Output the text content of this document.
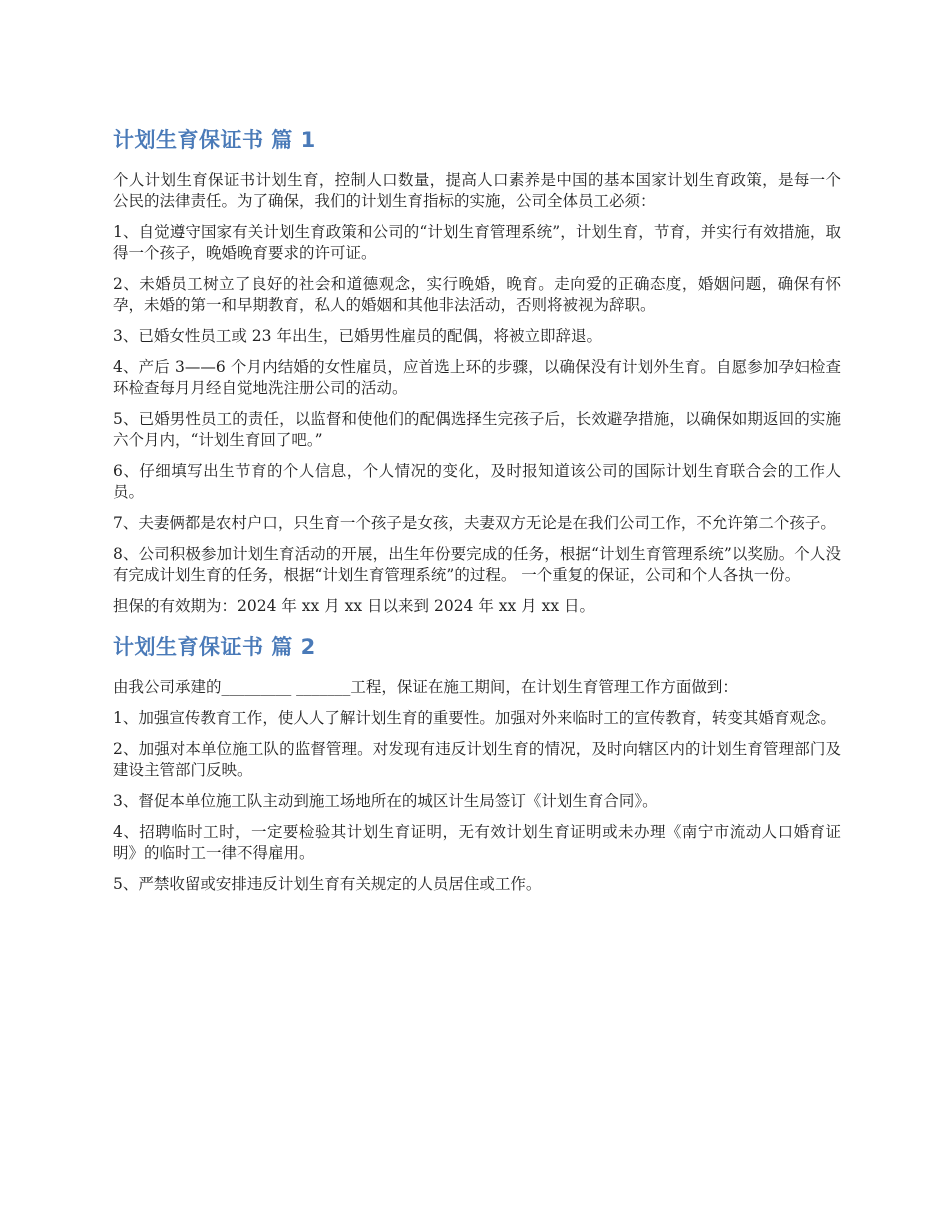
计划生育保证书 篇 1

个人计划生育保证书计划生育，控制人口数量，提高人口素养是中国的基本国家计划生育政策，是每一个公民的法律责任。为了确保，我们的计划生育指标的实施，公司全体员工必须：

1、自觉遵守国家有关计划生育政策和公司的“计划生育管理系统”，计划生育，节育，并实行有效措施，取得一个孩子，晚婚晚育要求的许可证。

2、未婚员工树立了良好的社会和道德观念，实行晚婚，晚育。走向爱的正确态度，婚姻问题，确保有怀孕，未婚的第一和早期教育，私人的婚姻和其他非法活动，否则将被视为辞职。

3、已婚女性员工或 23 年出生，已婚男性雇员的配偶，将被立即辞退。

4、产后 3——6 个月内结婚的女性雇员，应首选上环的步骤，以确保没有计划外生育。自愿参加孕妇检查环检查每月月经自觉地洗注册公司的活动。

5、已婚男性员工的责任，以监督和使他们的配偶选择生完孩子后，长效避孕措施，以确保如期返回的实施六个月内，“计划生育回了吧。”

6、仔细填写出生节育的个人信息，个人情况的变化，及时报知道该公司的国际计划生育联合会的工作人员。

7、夫妻俩都是农村户口，只生育一个孩子是女孩，夫妻双方无论是在我们公司工作，不允许第二个孩子。

8、公司积极参加计划生育活动的开展，出生年份要完成的任务，根据“计划生育管理系统”以奖励。个人没有完成计划生育的任务，根据“计划生育管理系统”的过程。 一个重复的保证，公司和个人各执一份。

担保的有效期为：2024 年 xx 月 xx 日以来到 2024 年 xx 月 xx 日。

计划生育保证书 篇 2

由我公司承建的_________ _______工程，保证在施工期间，在计划生育管理工作方面做到：

1、加强宣传教育工作，使人人了解计划生育的重要性。加强对外来临时工的宣传教育，转变其婚育观念。

2、加强对本单位施工队的监督管理。对发现有违反计划生育的情况，及时向辖区内的计划生育管理部门及建设主管部门反映。

3、督促本单位施工队主动到施工场地所在的城区计生局签订《计划生育合同》。

4、招聘临时工时，一定要检验其计划生育证明，无有效计划生育证明或未办理《南宁市流动人口婚育证明》的临时工一律不得雇用。

5、严禁收留或安排违反计划生育有关规定的人员居住或工作。
